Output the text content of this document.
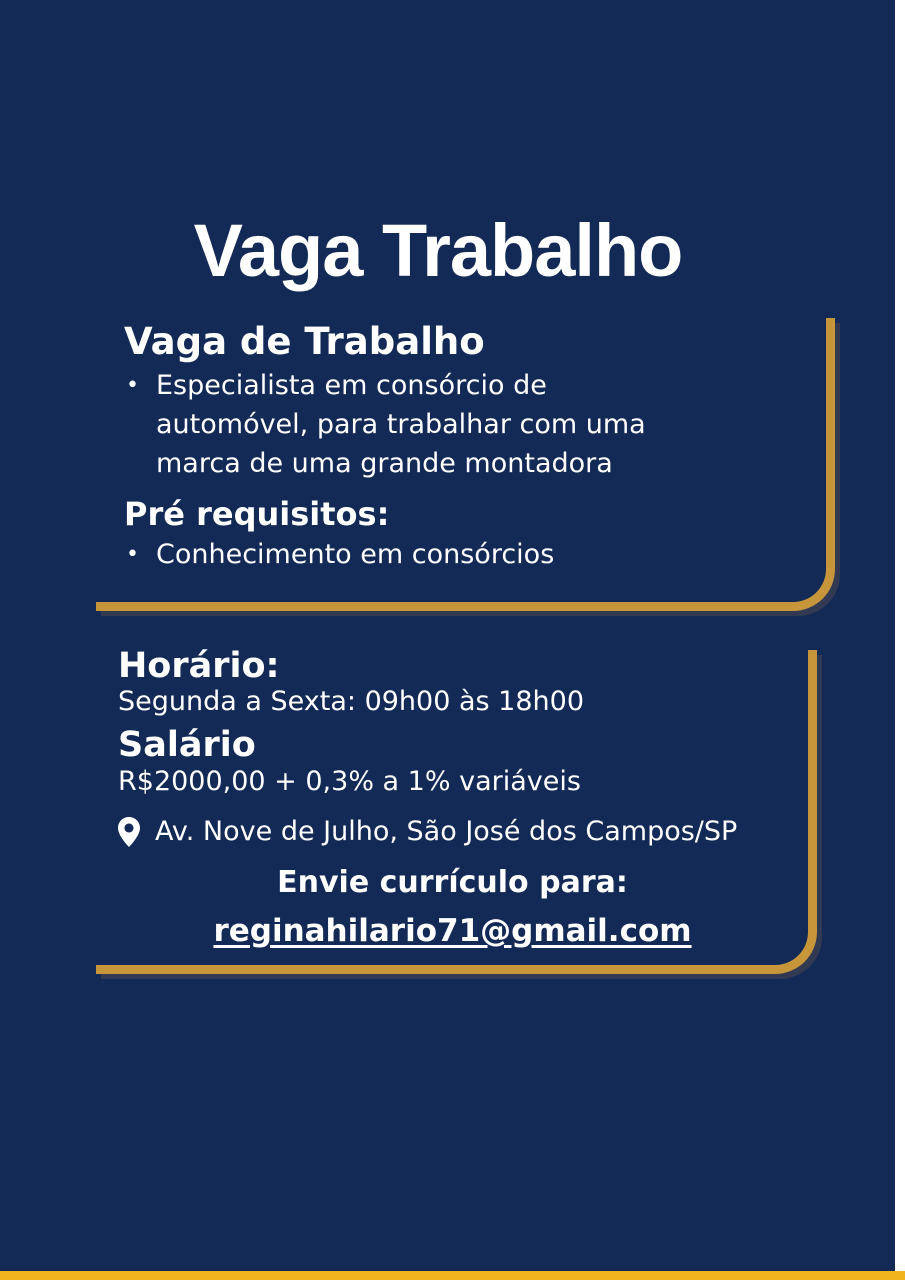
Vaga Trabalho
Vaga de Trabalho
• Especialista em consórcio de
automóvel, para trabalhar com uma
marca de uma grande montadora
Pré requisitos:
• Conhecimento em consórcios
Horário:

Segunda a Sexta: 09h00 às 18h00

Salário

R$2000,00 + 0,3% a 1% variáveis

Av. Nove de Julho, São José dos Campos/SP

Envie currículo para:

reginahilario71@gmail.com
